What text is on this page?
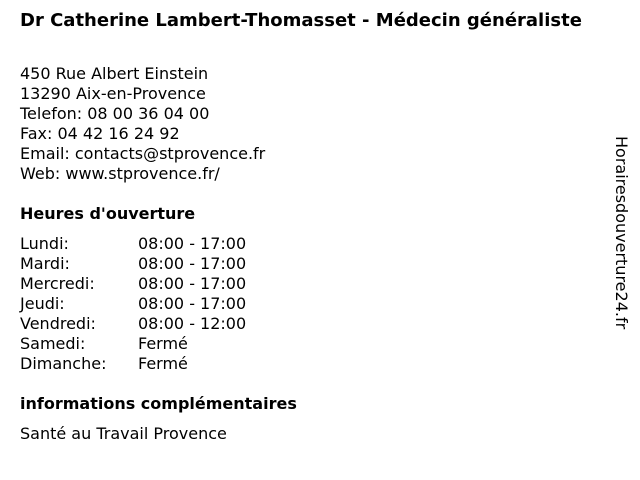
Dr Catherine Lambert-Thomasset - Médecin généraliste
450 Rue Albert Einstein
13290 Aix-en-Provence
Telefon: 08 00 36 04 00
Fax: 04 42 16 24 92
Email: contacts@stprovence.fr
Web: www.stprovence.fr/
Heures d'ouverture
Lundi:	08:00 - 17:00
Mardi:	08:00 - 17:00
Mercredi:	08:00 - 17:00
Jeudi:	08:00 - 17:00
Vendredi:	08:00 - 12:00
Samedi:	Fermé
Dimanche:	Fermé
informations complémentaires
Santé au Travail Provence
Horairesdouverture24.fr
